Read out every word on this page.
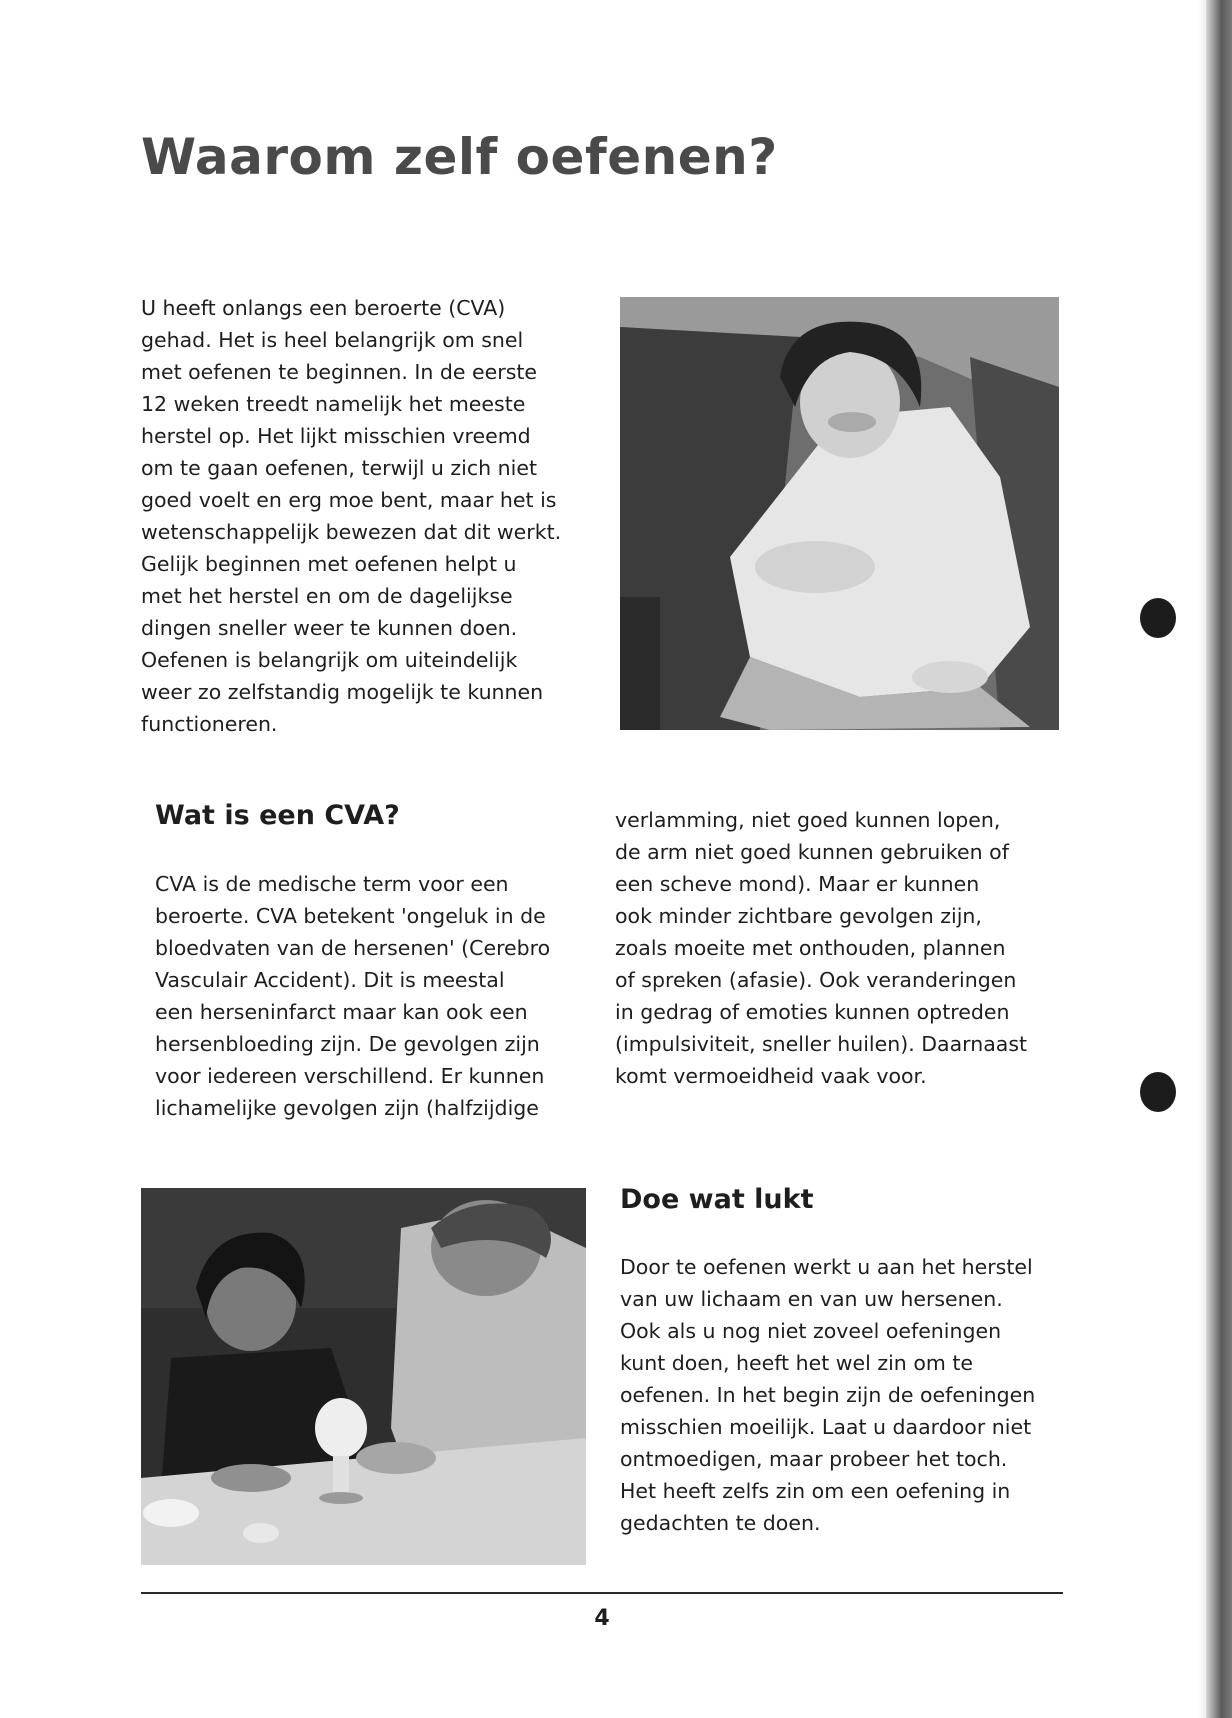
Waarom zelf oefenen?

U heeft onlangs een beroerte (CVA)
gehad. Het is heel belangrijk om snel
met oefenen te beginnen. In de eerste
12 weken treedt namelijk het meeste
herstel op. Het lijkt misschien vreemd
om te gaan oefenen, terwijl u zich niet
goed voelt en erg moe bent, maar het is
wetenschappelijk bewezen dat dit werkt.
Gelijk beginnen met oefenen helpt u
met het herstel en om de dagelijkse
dingen sneller weer te kunnen doen.
Oefenen is belangrijk om uiteindelijk
weer zo zelfstandig mogelijk te kunnen
functioneren.

Wat is een CVA?

CVA is de medische term voor een
beroerte. CVA betekent 'ongeluk in de
bloedvaten van de hersenen' (Cerebro
Vasculair Accident). Dit is meestal
een herseninfarct maar kan ook een
hersenbloeding zijn. De gevolgen zijn
voor iedereen verschillend. Er kunnen
lichamelijke gevolgen zijn (halfzijdige

verlamming, niet goed kunnen lopen,
de arm niet goed kunnen gebruiken of
een scheve mond). Maar er kunnen
ook minder zichtbare gevolgen zijn,
zoals moeite met onthouden, plannen
of spreken (afasie). Ook veranderingen
in gedrag of emoties kunnen optreden
(impulsiviteit, sneller huilen). Daarnaast
komt vermoeidheid vaak voor.

Doe wat lukt

Door te oefenen werkt u aan het herstel
van uw lichaam en van uw hersenen.
Ook als u nog niet zoveel oefeningen
kunt doen, heeft het wel zin om te
oefenen. In het begin zijn de oefeningen
misschien moeilijk. Laat u daardoor niet
ontmoedigen, maar probeer het toch.
Het heeft zelfs zin om een oefening in
gedachten te doen.

4
